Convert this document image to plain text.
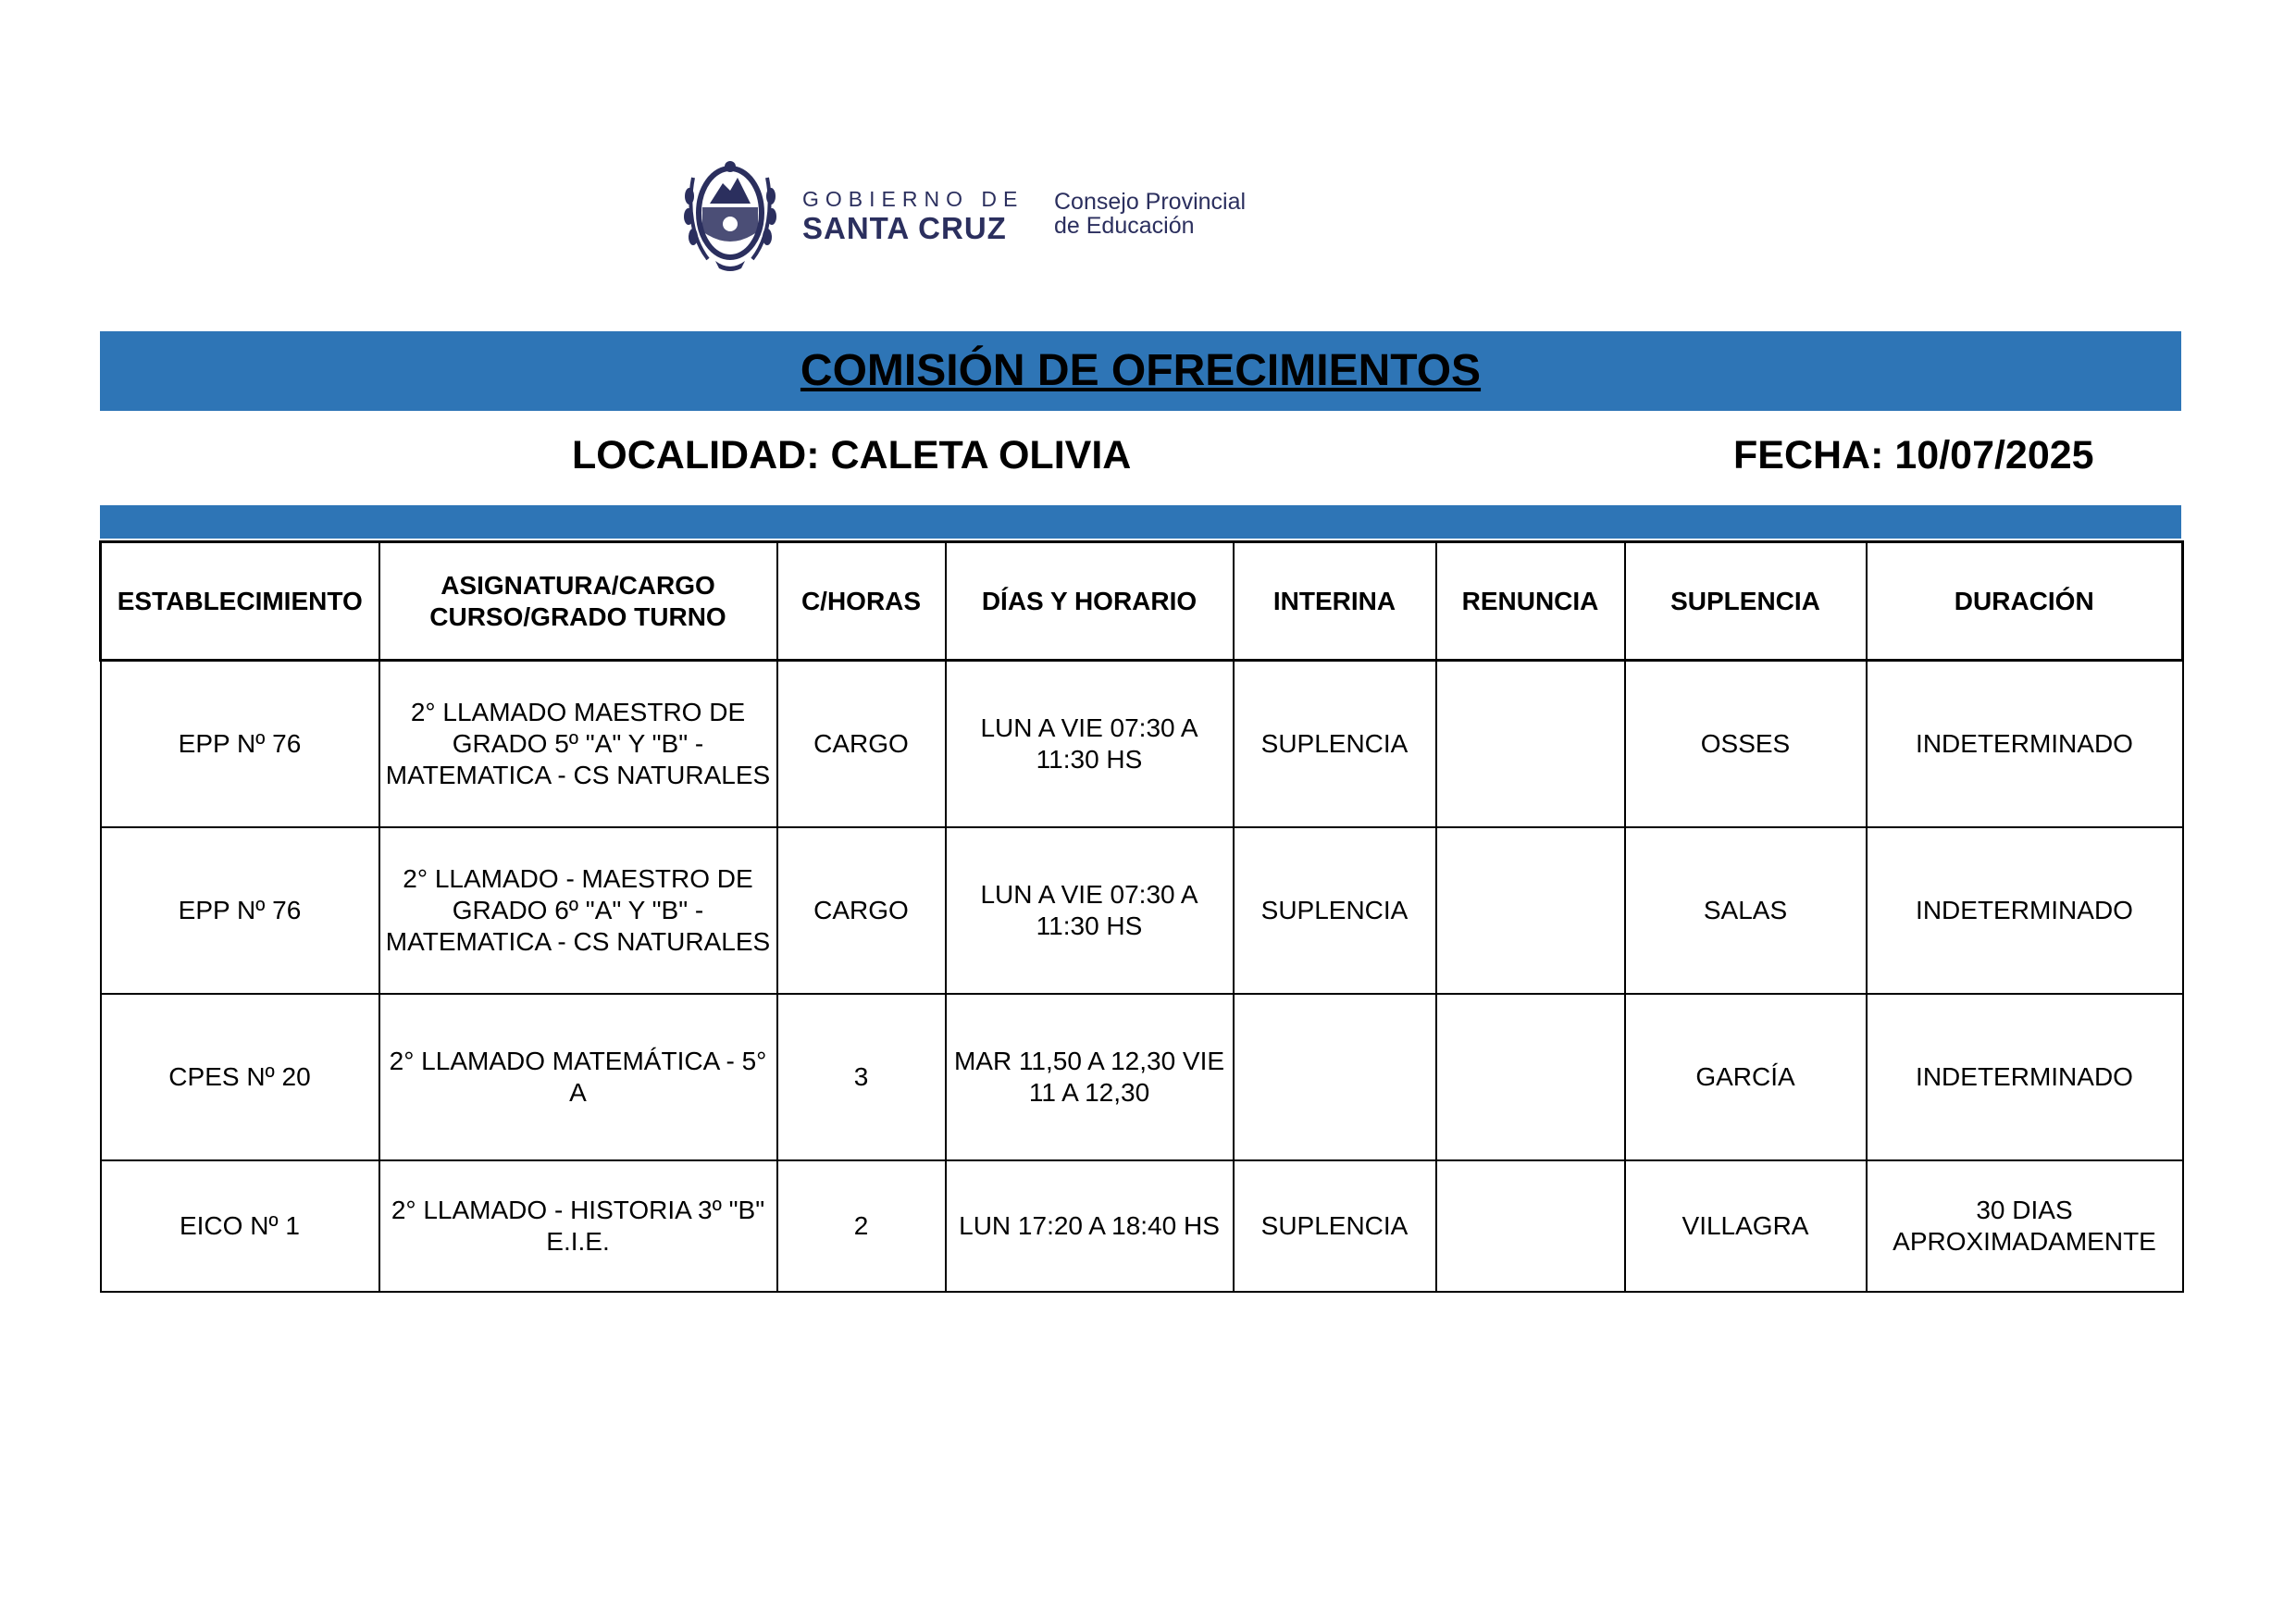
GOBIERNO DE
SANTA CRUZ
Consejo Provincial
de Educación
COMISIÓN DE OFRECIMIENTOS
LOCALIDAD: CALETA OLIVIA	FECHA: 10/07/2025
ESTABLECIMIENTO	ASIGNATURA/CARGO CURSO/GRADO TURNO	C/HORAS	DÍAS Y HORARIO	INTERINA	RENUNCIA	SUPLENCIA	DURACIÓN
EPP Nº 76	2° LLAMADO MAESTRO DE GRADO 5º "A" Y "B" - MATEMATICA - CS NATURALES	CARGO	LUN A VIE 07:30 A 11:30 HS	SUPLENCIA		OSSES	INDETERMINADO
EPP Nº 76	2° LLAMADO - MAESTRO DE GRADO 6º "A" Y "B" - MATEMATICA - CS NATURALES	CARGO	LUN A VIE 07:30 A 11:30 HS	SUPLENCIA		SALAS	INDETERMINADO
CPES Nº 20	2° LLAMADO MATEMÁTICA - 5° A	3	MAR 11,50 A 12,30 VIE 11 A 12,30			GARCÍA	INDETERMINADO
EICO Nº 1	2° LLAMADO - HISTORIA 3º "B" E.I.E.	2	LUN 17:20 A 18:40 HS	SUPLENCIA		VILLAGRA	30 DIAS APROXIMADAMENTE
